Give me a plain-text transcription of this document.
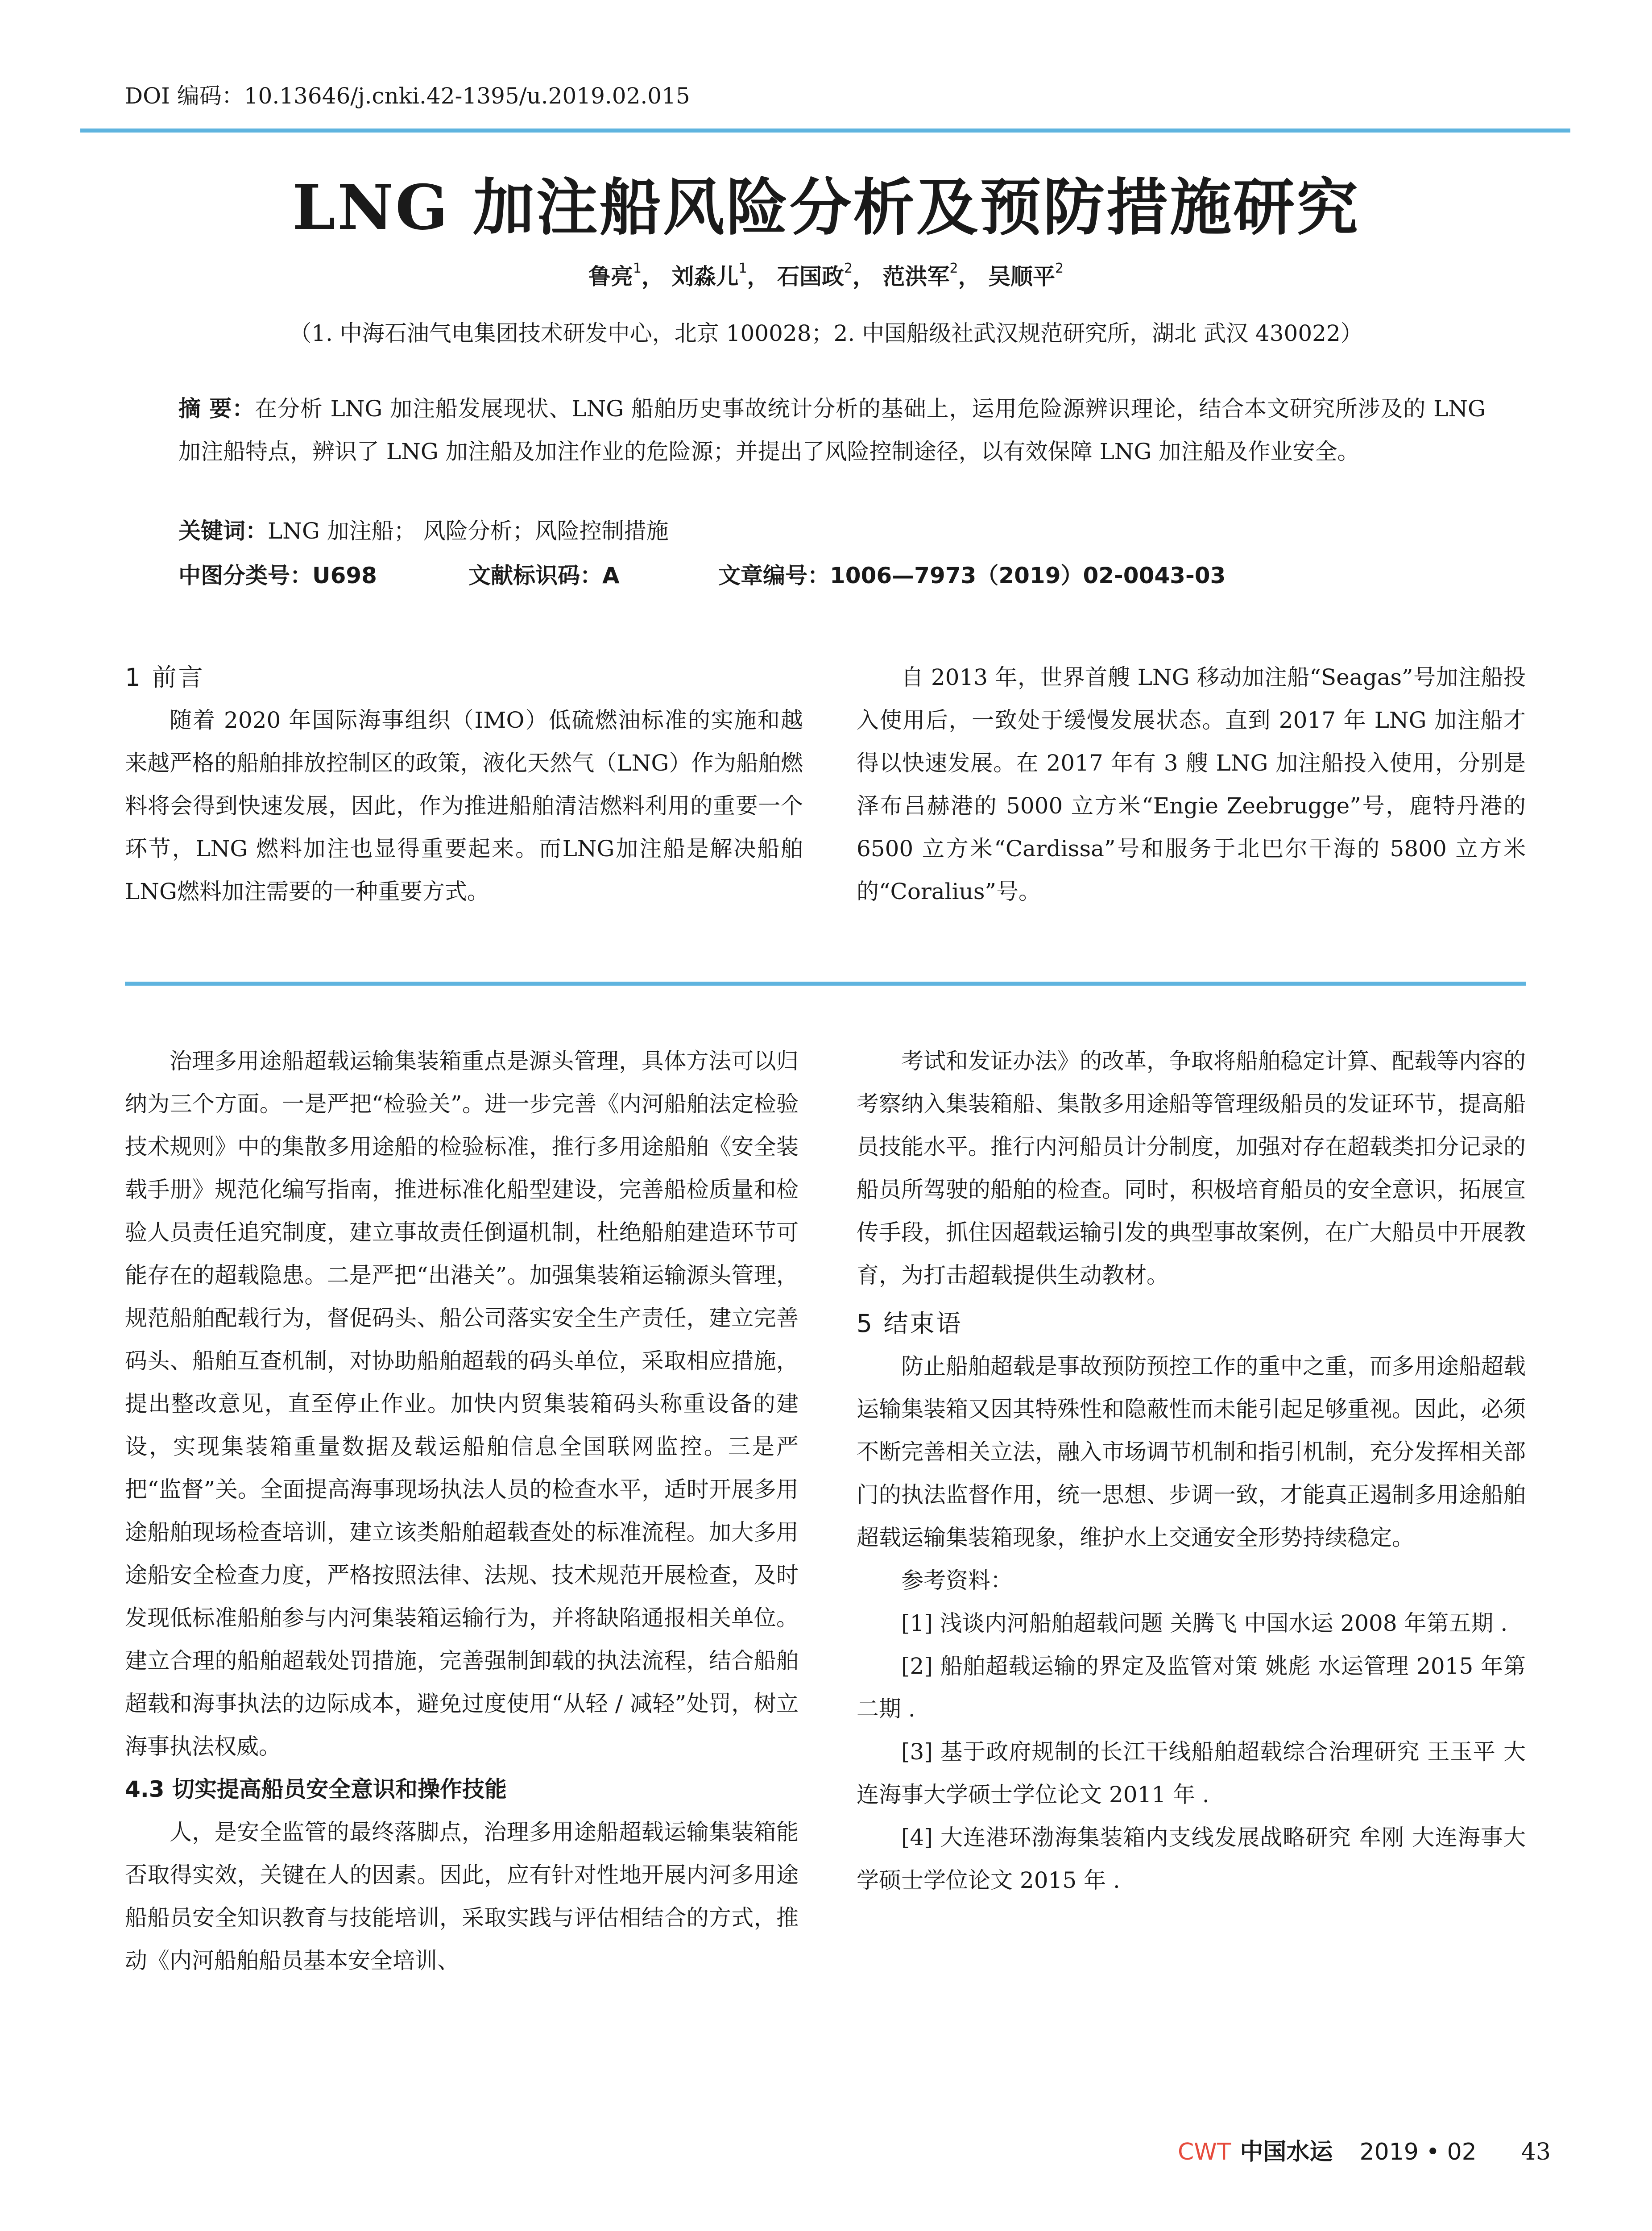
DOI 编码：10.13646/j.cnki.42-1395/u.2019.02.015
LNG 加注船风险分析及预防措施研究
鲁亮$^1$， 刘淼儿$^1$， 石国政$^2$， 范洪军$^2$， 吴顺平$^2$
（1. 中海石油气电集团技术研发中心，北京 100028；2. 中国船级社武汉规范研究所，湖北 武汉 430022）
摘 要：在分析 LNG 加注船发展现状、LNG 船舶历史事故统计分析的基础上，运用危险源辨识理论，结合本文研究所涉及的 LNG 加注船特点，辨识了 LNG 加注船及加注作业的危险源；并提出了风险控制途径，以有效保障 LNG 加注船及作业安全。
关键词：LNG 加注船； 风险分析；风险控制措施
中图分类号：U698	文献标识码：A	文章编号：1006—7973（2019）02-0043-03
1 前言

随着 2020 年国际海事组织（IMO）低硫燃油标准的实施和越来越严格的船舶排放控制区的政策，液化天然气（LNG）作为船舶燃料将会得到快速发展，因此，作为推进船舶清洁燃料利用的重要一个环节，LNG 燃料加注也显得重要起来。而LNG加注船是解决船舶LNG燃料加注需要的一种重要方式。

自 2013 年，世界首艘 LNG 移动加注船“Seagas”号加注船投入使用后，一致处于缓慢发展状态。直到 2017 年 LNG 加注船才得以快速发展。在 2017 年有 3 艘 LNG 加注船投入使用，分别是泽布吕赫港的 5000 立方米“Engie Zeebrugge”号，鹿特丹港的 6500 立方米“Cardissa”号和服务于北巴尔干海的 5800 立方米的“Coralius”号。

治理多用途船超载运输集装箱重点是源头管理，具体方法可以归纳为三个方面。一是严把“检验关”。进一步完善《内河船舶法定检验技术规则》中的集散多用途船的检验标准，推行多用途船舶《安全装载手册》规范化编写指南，推进标准化船型建设，完善船检质量和检验人员责任追究制度，建立事故责任倒逼机制，杜绝船舶建造环节可能存在的超载隐患。二是严把“出港关”。加强集装箱运输源头管理，规范船舶配载行为，督促码头、船公司落实安全生产责任，建立完善码头、船舶互查机制，对协助船舶超载的码头单位，采取相应措施，提出整改意见，直至停止作业。加快内贸集装箱码头称重设备的建设，实现集装箱重量数据及载运船舶信息全国联网监控。三是严把“监督”关。全面提高海事现场执法人员的检查水平，适时开展多用途船舶现场检查培训，建立该类船舶超载查处的标准流程。加大多用途船安全检查力度，严格按照法律、法规、技术规范开展检查，及时发现低标准船舶参与内河集装箱运输行为，并将缺陷通报相关单位。建立合理的船舶超载处罚措施，完善强制卸载的执法流程，结合船舶超载和海事执法的边际成本，避免过度使用“从轻 / 减轻”处罚，树立海事执法权威。

4.3 切实提高船员安全意识和操作技能

人，是安全监管的最终落脚点，治理多用途船超载运输集装箱能否取得实效，关键在人的因素。因此，应有针对性地开展内河多用途船船员安全知识教育与技能培训，采取实践与评估相结合的方式，推动《内河船舶船员基本安全培训、

考试和发证办法》的改革，争取将船舶稳定计算、配载等内容的考察纳入集装箱船、集散多用途船等管理级船员的发证环节，提高船员技能水平。推行内河船员计分制度，加强对存在超载类扣分记录的船员所驾驶的船舶的检查。同时，积极培育船员的安全意识，拓展宣传手段，抓住因超载运输引发的典型事故案例，在广大船员中开展教育，为打击超载提供生动教材。

5 结束语

防止船舶超载是事故预防预控工作的重中之重，而多用途船超载运输集装箱又因其特殊性和隐蔽性而未能引起足够重视。因此，必须不断完善相关立法，融入市场调节机制和指引机制，充分发挥相关部门的执法监督作用，统一思想、步调一致，才能真正遏制多用途船舶超载运输集装箱现象，维护水上交通安全形势持续稳定。

参考资料：

[1] 浅谈内河船舶超载问题 关腾飞 中国水运 2008 年第五期 .

[2] 船舶超载运输的界定及监管对策 姚彪 水运管理 2015 年第二期 .

[3] 基于政府规制的长江干线船舶超载综合治理研究 王玉平 大连海事大学硕士学位论文 2011 年 .

[4] 大连港环渤海集装箱内支线发展战略研究 牟刚 大连海事大学硕士学位论文 2015 年 .

CWT 中国水运 2019 • 02 43
